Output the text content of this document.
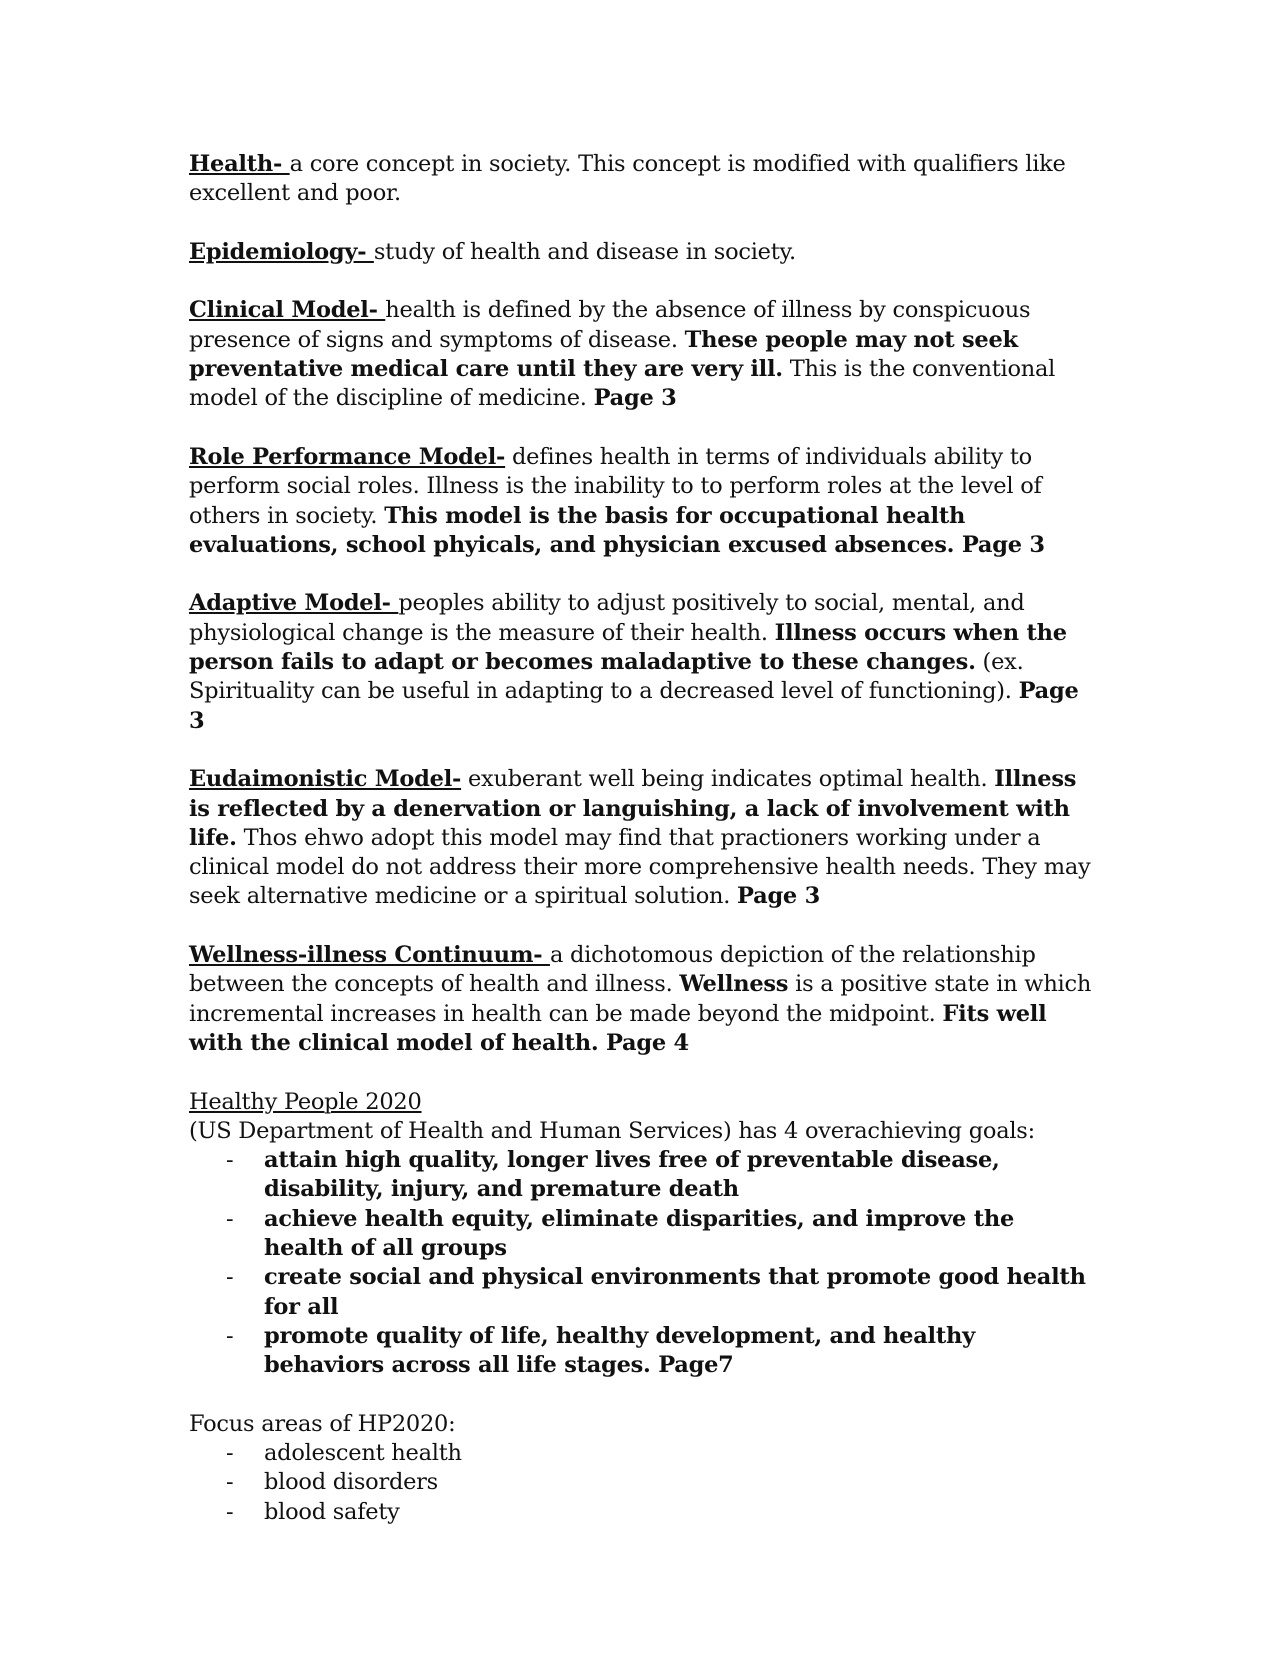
Health- a core concept in society. This concept is modified with qualifiers like excellent and poor.

Epidemiology- study of health and disease in society.

Clinical Model- health is defined by the absence of illness by conspicuous presence of signs and symptoms of disease. These people may not seek preventative medical care until they are very ill. This is the conventional model of the discipline of medicine. Page 3

Role Performance Model- defines health in terms of individuals ability to perform social roles. Illness is the inability to to perform roles at the level of others in society. This model is the basis for occupational health evaluations, school phyicals, and physician excused absences. Page 3

Adaptive Model- peoples ability to adjust positively to social, mental, and physiological change is the measure of their health. Illness occurs when the person fails to adapt or becomes maladaptive to these changes. (ex. Spirituality can be useful in adapting to a decreased level of functioning). Page 3

Eudaimonistic Model- exuberant well being indicates optimal health. Illness is reflected by a denervation or languishing, a lack of involvement with life. Thos ehwo adopt this model may find that practioners working under a clinical model do not address their more comprehensive health needs. They may seek alternative medicine or a spiritual solution. Page 3

Wellness-illness Continuum- a dichotomous depiction of the relationship between the concepts of health and illness. Wellness is a positive state in which incremental increases in health can be made beyond the midpoint. Fits well with the clinical model of health. Page 4

Healthy People 2020
(US Department of Health and Human Services) has 4 overachieving goals:
- attain high quality, longer lives free of preventable disease, disability, injury, and premature death
- achieve health equity, eliminate disparities, and improve the health of all groups
- create social and physical environments that promote good health for all
- promote quality of life, healthy development, and healthy behaviors across all life stages. Page7
Focus areas of HP2020:
- adolescent health
- blood disorders
- blood safety
